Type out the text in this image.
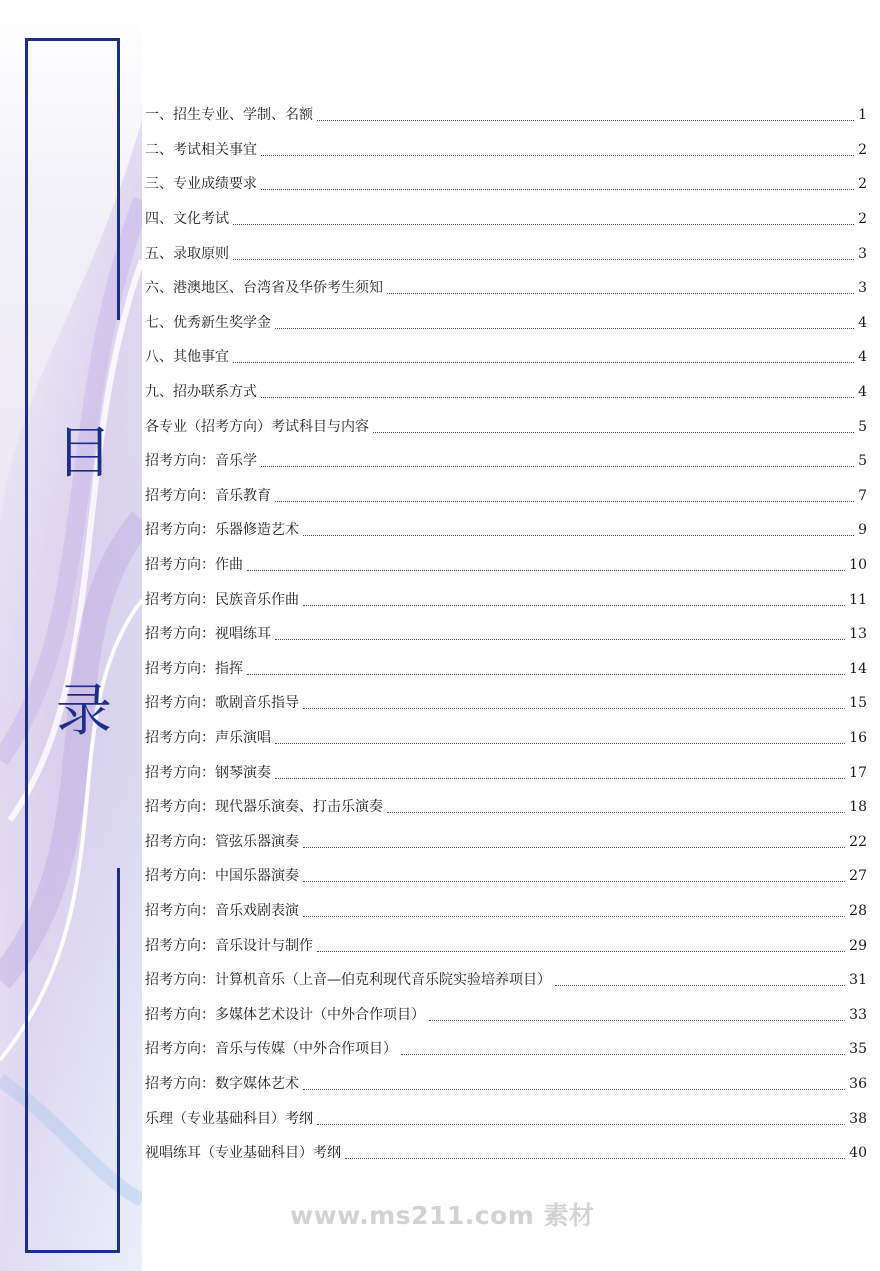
目
录
一、招生专业、学制、名额	1
二、考试相关事宜	2
三、专业成绩要求	2
四、文化考试	2
五、录取原则	3
六、港澳地区、台湾省及华侨考生须知	3
七、优秀新生奖学金	4
八、其他事宜	4
九、招办联系方式	4
各专业（招考方向）考试科目与内容	5
招考方向：音乐学	5
招考方向：音乐教育	7
招考方向：乐器修造艺术	9
招考方向：作曲	10
招考方向：民族音乐作曲	11
招考方向：视唱练耳	13
招考方向：指挥	14
招考方向：歌剧音乐指导	15
招考方向：声乐演唱	16
招考方向：钢琴演奏	17
招考方向：现代器乐演奏、打击乐演奏	18
招考方向：管弦乐器演奏	22
招考方向：中国乐器演奏	27
招考方向：音乐戏剧表演	28
招考方向：音乐设计与制作	29
招考方向：计算机音乐（上音—伯克利现代音乐院实验培养项目）	31
招考方向：多媒体艺术设计（中外合作项目）	33
招考方向：音乐与传媒（中外合作项目）	35
招考方向：数字媒体艺术	36
乐理（专业基础科目）考纲	38
视唱练耳（专业基础科目）考纲	40
www.ms211.com 素材
